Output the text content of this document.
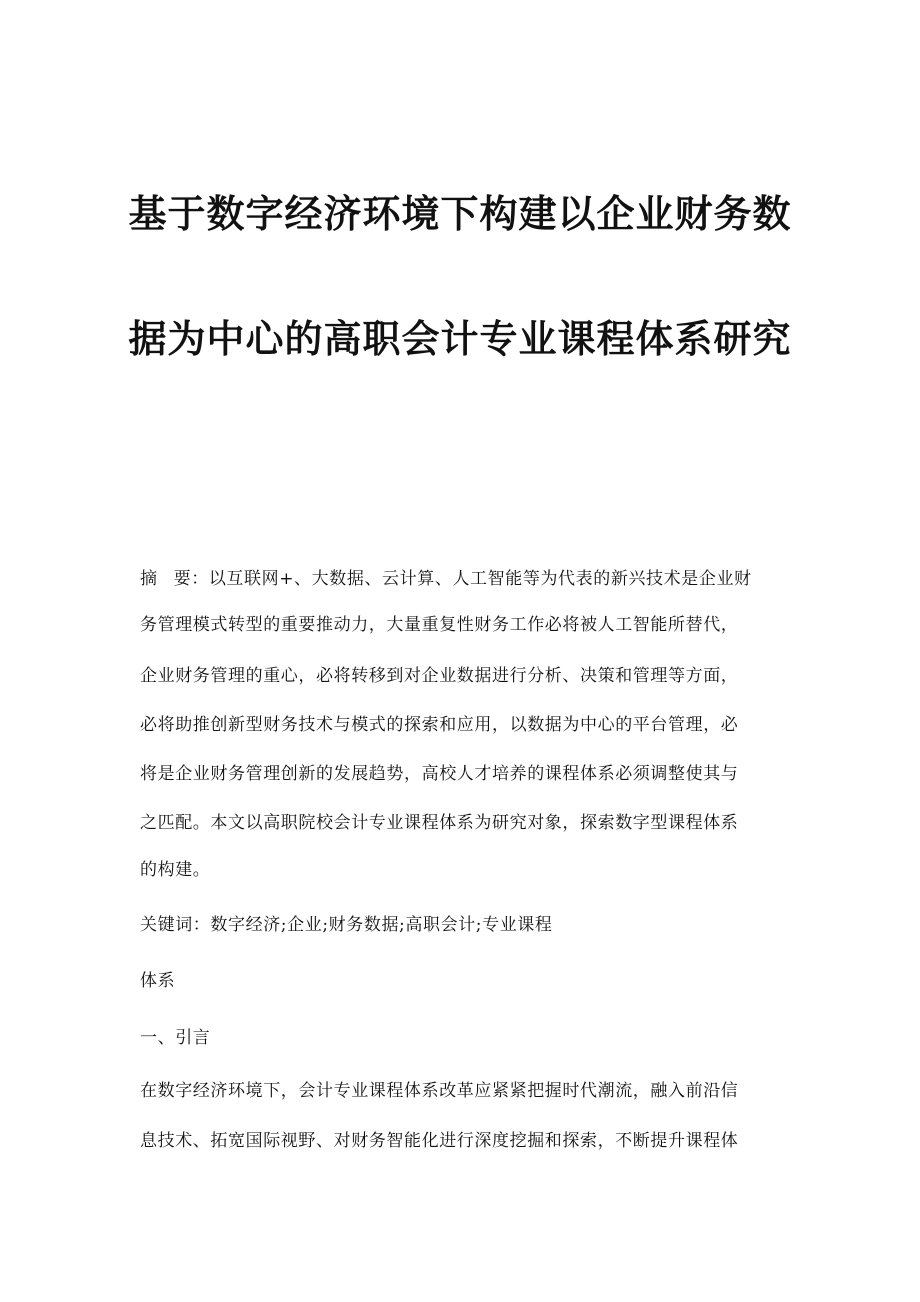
基于数字经济环境下构建以企业财务数
据为中心的高职会计专业课程体系研究
摘 要：以互联网+、大数据、云计算、人工智能等为代表的新兴技术是企业财
务管理模式转型的重要推动力，大量重复性财务工作必将被人工智能所替代，
企业财务管理的重心，必将转移到对企业数据进行分析、决策和管理等方面，
必将助推创新型财务技术与模式的探索和应用，以数据为中心的平台管理，必
将是企业财务管理创新的发展趋势，高校人才培养的课程体系必须调整使其与
之匹配。本文以高职院校会计专业课程体系为研究对象，探索数字型课程体系
的构建。
关键词：数字经济;企业;财务数据;高职会计;专业课程
体系
一、引言
在数字经济环境下，会计专业课程体系改革应紧紧把握时代潮流，融入前沿信
息技术、拓宽国际视野、对财务智能化进行深度挖掘和探索，不断提升课程体
